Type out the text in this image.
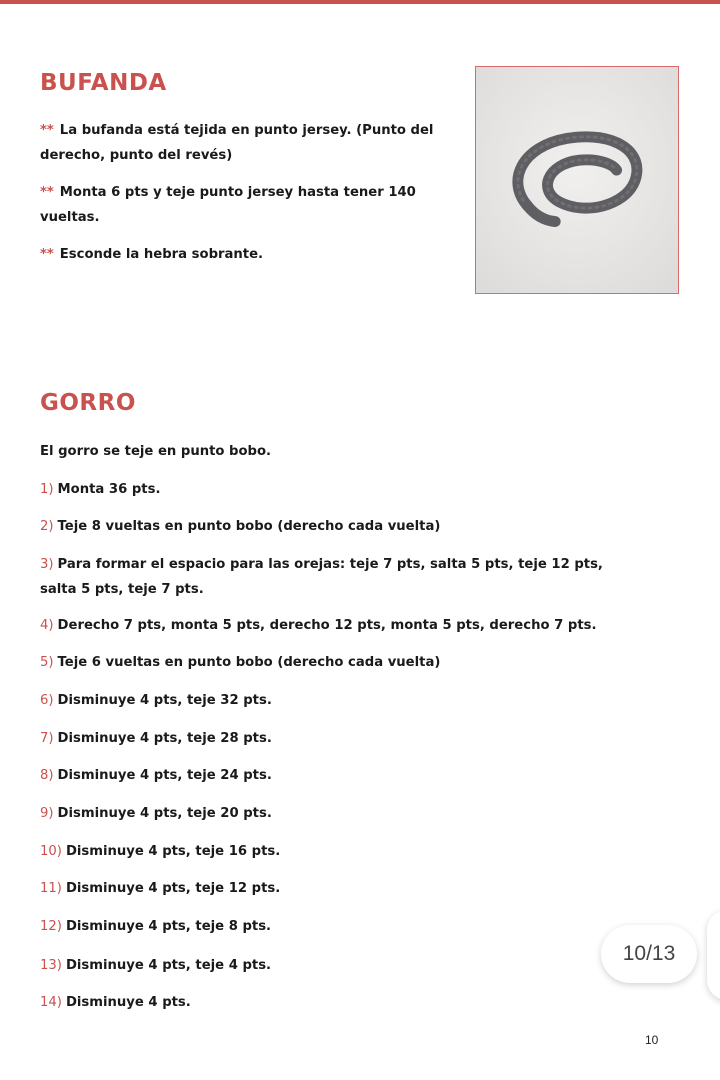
BUFANDA

** La bufanda está tejida en punto jersey. (Punto del derecho, punto del revés)

** Monta 6 pts y teje punto jersey hasta tener 140 vueltas.

** Esconde la hebra sobrante.

GORRO

El gorro se teje en punto bobo.

1) Monta 36 pts.

2) Teje 8 vueltas en punto bobo (derecho cada vuelta)

3) Para formar el espacio para las orejas: teje 7 pts, salta 5 pts, teje 12 pts, salta 5 pts, teje 7 pts.

4) Derecho 7 pts, monta 5 pts, derecho 12 pts, monta 5 pts, derecho 7 pts.

5) Teje 6 vueltas en punto bobo (derecho cada vuelta)

6) Disminuye 4 pts, teje 32 pts.

7) Disminuye 4 pts, teje 28 pts.

8) Disminuye 4 pts, teje 24 pts.

9) Disminuye 4 pts, teje 20 pts.

10) Disminuye 4 pts, teje 16 pts.

11) Disminuye 4 pts, teje 12 pts.

12) Disminuye 4 pts, teje 8 pts.

13) Disminuye 4 pts, teje 4 pts.

14) Disminuye 4 pts.

10
10/13
